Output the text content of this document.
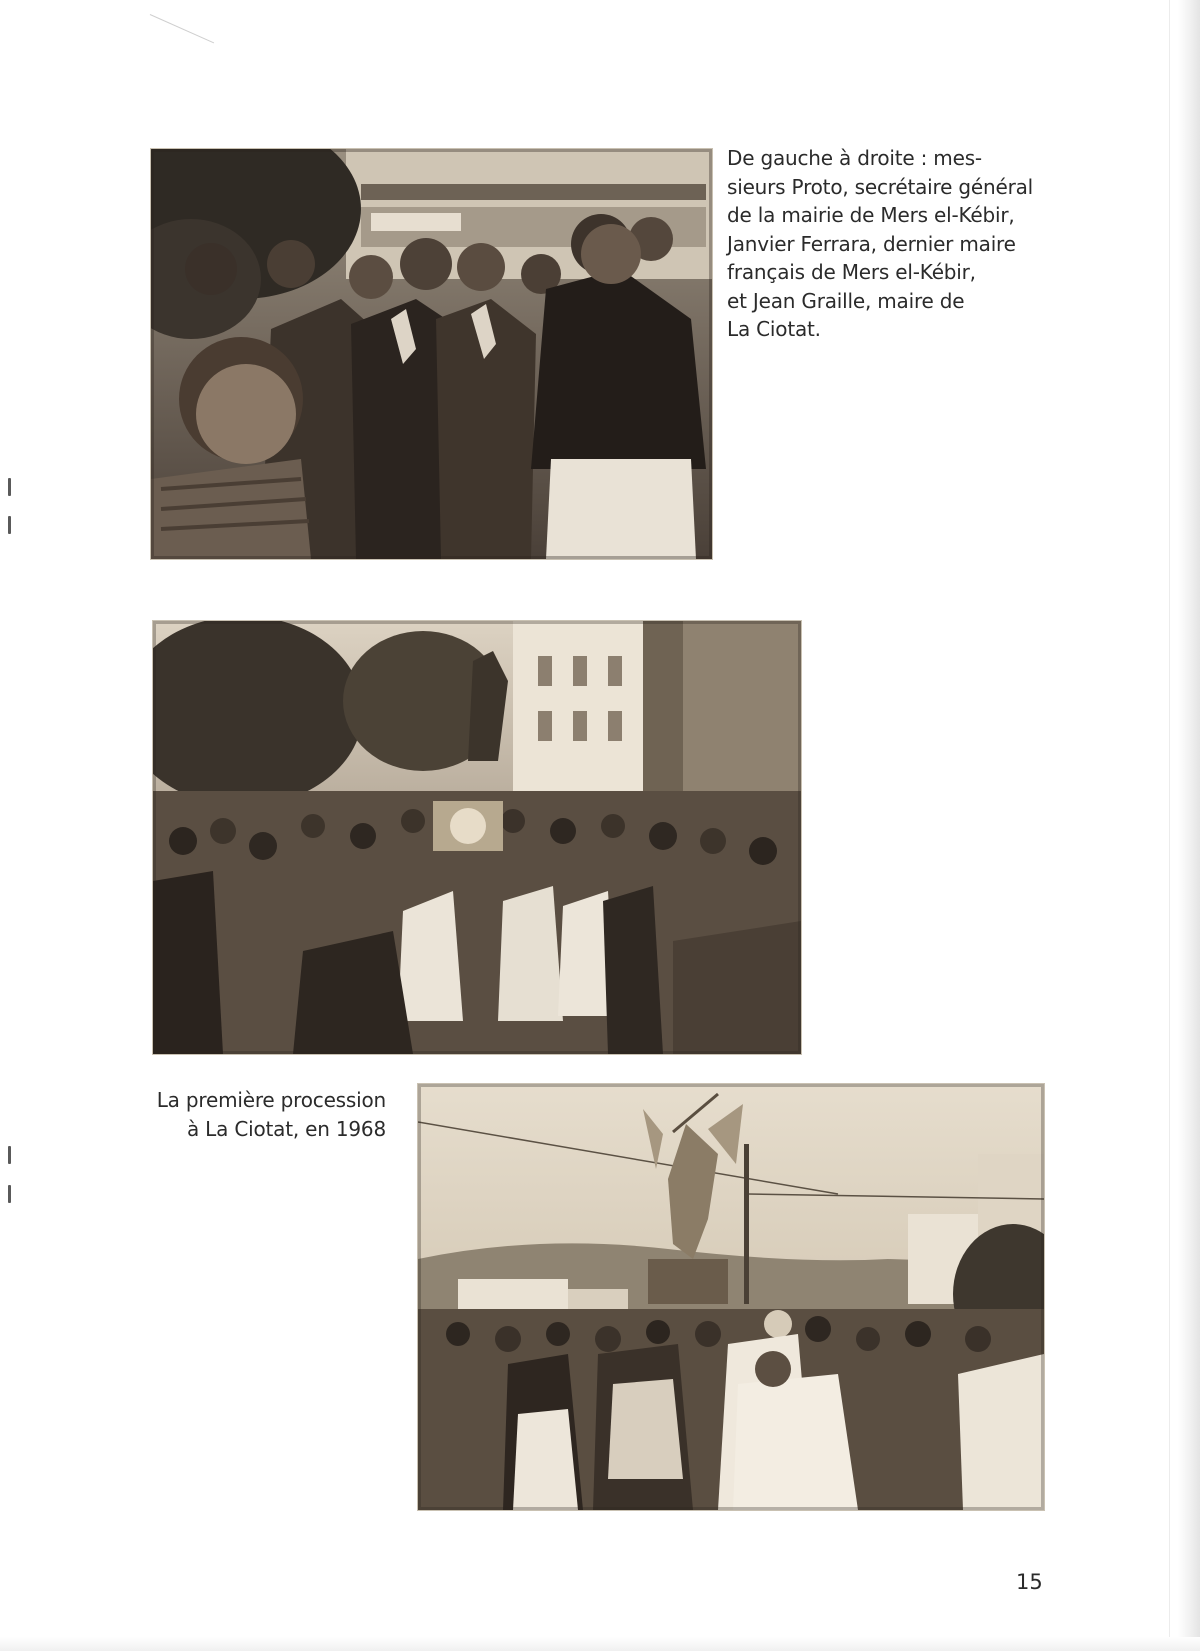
De gauche à droite : mes-
sieurs Proto, secrétaire général
de la mairie de Mers el-Kébir,
Janvier Ferrara, dernier maire
français de Mers el-Kébir,
et Jean Graille, maire de
La Ciotat.
La première procession
à La Ciotat, en 1968
15
